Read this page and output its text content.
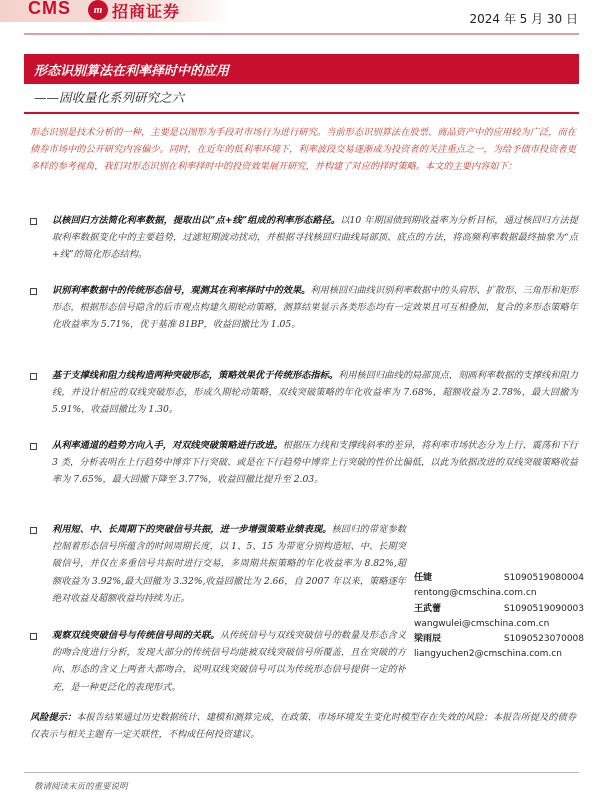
CMS	m 招商证券	2024 年 5 月 30 日
形态识别算法在利率择时中的应用
——固收量化系列研究之六
形态识别是技术分析的一种，主要是以图形为手段对市场行为进行研究。当前形态识别算法在股票、商品资产中的应用较为广泛，而在债券市场中的公开研究内容偏少。同时，在近年的低利率环境下，利率波段交易逐渐成为投资者的关注重点之一，为给予债市投资者更多样的参考视角，我们对形态识别在利率择时中的投资效果展开研究，并构建了对应的择时策略。本文的主要内容如下：
以核回归方法简化利率数据，提取出以“点+线”组成的利率形态路径。以10 年期国债到期收益率为分析目标，通过核回归方法提取利率数据变化中的主要趋势，过滤短期波动扰动，并根据寻找核回归曲线局部顶、底点的方法，将高频利率数据最终抽象为“点+线”的简化形态结构。
识别利率数据中的传统形态信号，观测其在利率择时中的效果。利用核回归曲线识别利率数据中的头肩形、扩散形、三角形和矩形形态，根据形态信号隐含的后市观点构建久期轮动策略，测算结果显示各类形态均有一定效果且可互相叠加，复合的多形态策略年化收益率为 5.71%，优于基准 81BP，收益回撤比为 1.05。
基于支撑线和阻力线构造两种突破形态，策略效果优于传统形态指标。利用核回归曲线的局部顶点，刻画利率数据的支撑线和阻力线，并设计相应的双线突破形态，形成久期轮动策略，双线突破策略的年化收益率为 7.68%，超额收益为 2.78%，最大回撤为 5.91%，收益回撤比为 1.30。
从利率通道的趋势方向入手，对双线突破策略进行改进。根据压力线和支撑线斜率的差异，将利率市场状态分为上行、震荡和下行 3 类，分析表明在上行趋势中博弈下行突破、或是在下行趋势中博弈上行突破的性价比偏低，以此为依据改进的双线突破策略收益率为 7.65%，最大回撤下降至 3.77%，收益回撤比提升至 2.03。
利用短、中、长周期下的突破信号共振，进一步增强策略业绩表现。核回归的带宽参数控制着形态信号所蕴含的时间周期长度，以 1、5、15 为带宽分别构造短、中、长期突破信号，并仅在多重信号共振时进行交易，多周期共振策略的年化收益率为 8.82%,超额收益为 3.92%,最大回撤为 3.32%,收益回撤比为 2.66，自 2007 年以来，策略逐年绝对收益及超额收益均持续为正。
观察双线突破信号与传统信号间的关联。从传统信号与双线突破信号的数量及形态含义的吻合度进行分析，发现大部分的传统信号均能被双线突破信号所覆盖，且在突破的方向、形态的含义上两者大都吻合，说明双线突破信号可以为传统形态信号提供一定的补充，是一种更泛化的表现形式。
任婕	S1090519080004
rentong@cmschina.com.cn
王武蕾	S1090519090003
wangwulei@cmschina.com.cn
梁雨辰	S1090523070008
liangyuchen2@cmschina.com.cn
风险提示：本报告结果通过历史数据统计、建模和测算完成，在政策、市场环境发生变化时模型存在失效的风险；本报告所提及的债券仅表示与相关主题有一定关联性，不构成任何投资建议。
敬请阅读末页的重要说明
